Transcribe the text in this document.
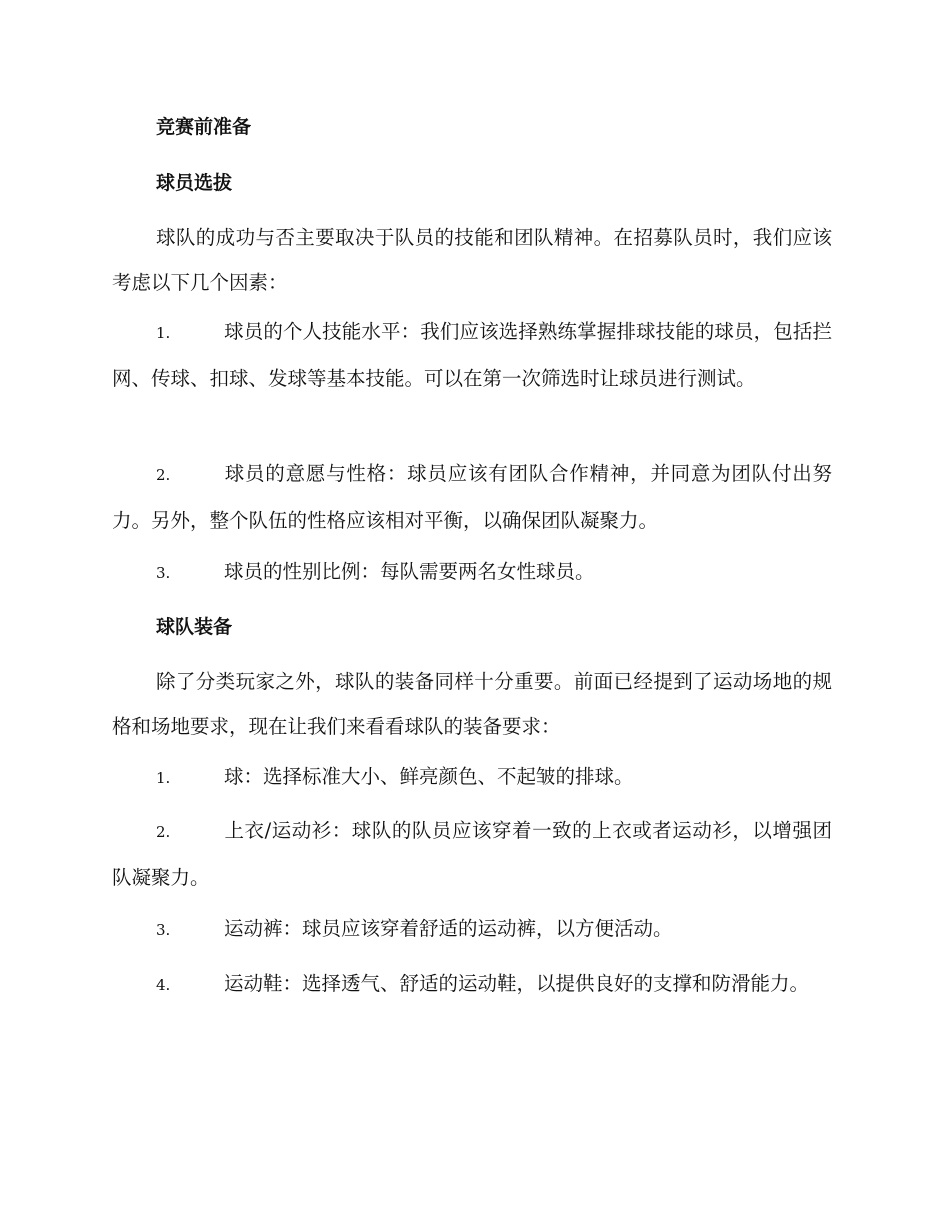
竞赛前准备
球员选拔

球队的成功与否主要取决于队员的技能和团队精神。在招募队员时，我们应该考虑以下几个因素：

1.	球员的个人技能水平：我们应该选择熟练掌握排球技能的球员，包括拦网、传球、扣球、发球等基本技能。可以在第一次筛选时让球员进行测试。

2.	球员的意愿与性格：球员应该有团队合作精神，并同意为团队付出努力。另外，整个队伍的性格应该相对平衡，以确保团队凝聚力。

3.	球员的性别比例：每队需要两名女性球员。

球队装备

除了分类玩家之外，球队的装备同样十分重要。前面已经提到了运动场地的规格和场地要求，现在让我们来看看球队的装备要求：

1.	球：选择标准大小、鲜亮颜色、不起皱的排球。

2.	上衣/运动衫：球队的队员应该穿着一致的上衣或者运动衫，以增强团队凝聚力。

3.	运动裤：球员应该穿着舒适的运动裤，以方便活动。

4.	运动鞋：选择透气、舒适的运动鞋，以提供良好的支撑和防滑能力。
